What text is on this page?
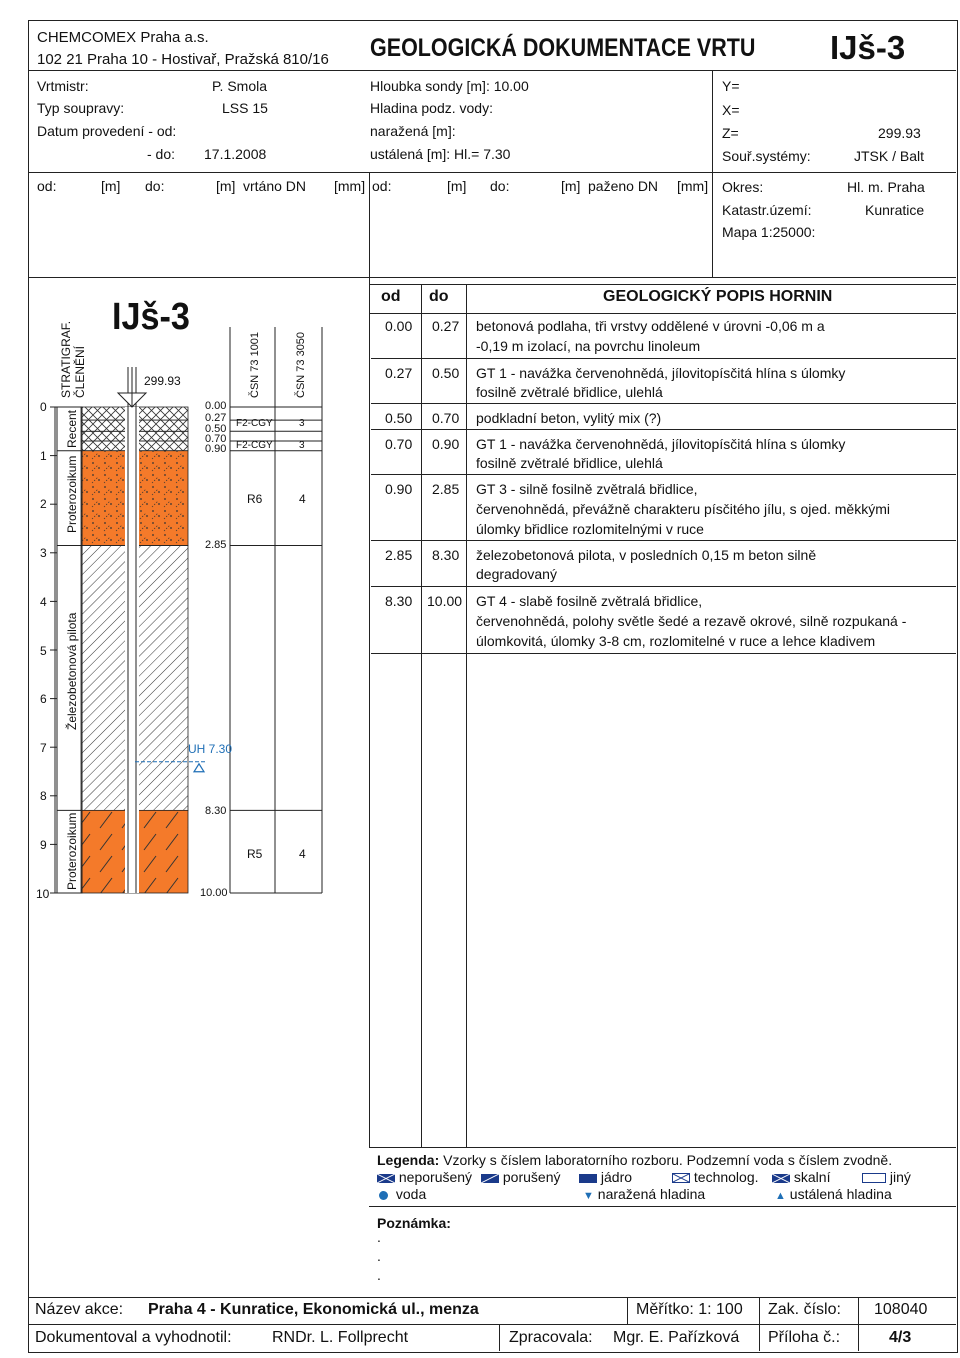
CHEMCOMEX Praha a.s.
102 21 Praha 10 - Hostivař, Pražská 810/16 GEOLOGICKÁ DOKUMENTACE VRTU IJš-3
Vrtmistr:	P. Smola
Typ soupravy:	LSS 15
Datum provedení - od:
- do: 17.1.2008
Hloubka sondy [m]: 10.00
Hladina podz. vody:
naražená [m]:
ustálená [m]: Hl.= 7.30
Y=
X=
Z=	299.93
Souř.systémy:	JTSK / Balt
od:	[m] do:	[m] vrtáno DN [mm] od:	[m] do:	[m] paženo DN [mm] Okres:	Hl. m. Praha
Katastr.území:	Kunratice
Mapa 1:25000:
IJš-3
299.93
STRATIGRAF. ČLENĚNÍ	ČSN 73 1001	ČSN 73 3050
Recent
Proterozoikum
Železobetonová pilota
Proterozoikum
0
1
2
3
4
5
6
7
8
9
10
0.00
0.27
0.50
0.70
0.90
2.85
8.30
10.00
F2-CGY
F2-CGY
R6
R5
3
3
4
4
UH 7.30
od do	GEOLOGICKÝ POPIS HORNIN
0.00 0.27 betonová podlaha, tři vrstvy oddělené v úrovni -0,06 m a
-0,19 m izolací, na povrchu linoleum
0.27 0.50 GT 1 - navážka červenohnědá, jílovitopísčitá hlína s úlomky
fosilně zvětralé břidlice, ulehlá
0.50 0.70 podkladní beton, vylitý mix (?)
0.70 0.90 GT 1 - navážka červenohnědá, jílovitopísčitá hlína s úlomky
fosilně zvětralé břidlice, ulehlá
0.90 2.85 GT 3 - silně fosilně zvětralá břidlice,
červenohnědá, převážně charakteru písčitého jílu, s ojed. měkkými
úlomky břidlice rozlomitelnými v ruce
2.85 8.30 železobetonová pilota, v posledních 0,15 m beton silně
degradovaný
8.30 10.00 GT 4 - slabě fosilně zvětralá břidlice,
červenohnědá, polohy světle šedé a rezavě okrové, silně rozpukaná -
úlomkovitá, úlomky 3-8 cm, rozlomitelné v ruce a lehce kladivem
Legenda: Vzorky s číslem laboratorního rozboru. Podzemní voda s číslem zvodně.
neporušený	porušený	jádro	technolog.	skalní	jiný
voda	▼ naražená hladina	▲ ustálená hladina
Poznámka:
.
.
.
Název akce: Praha 4 - Kunratice, Ekonomická ul., menza	Měřítko: 1: 100 Zak. číslo: 108040
Dokumentoval a vyhodnotil:	RNDr. L. Follprecht	Zpracovala: Mgr. E. Pařízková Příloha č.:	4/3
